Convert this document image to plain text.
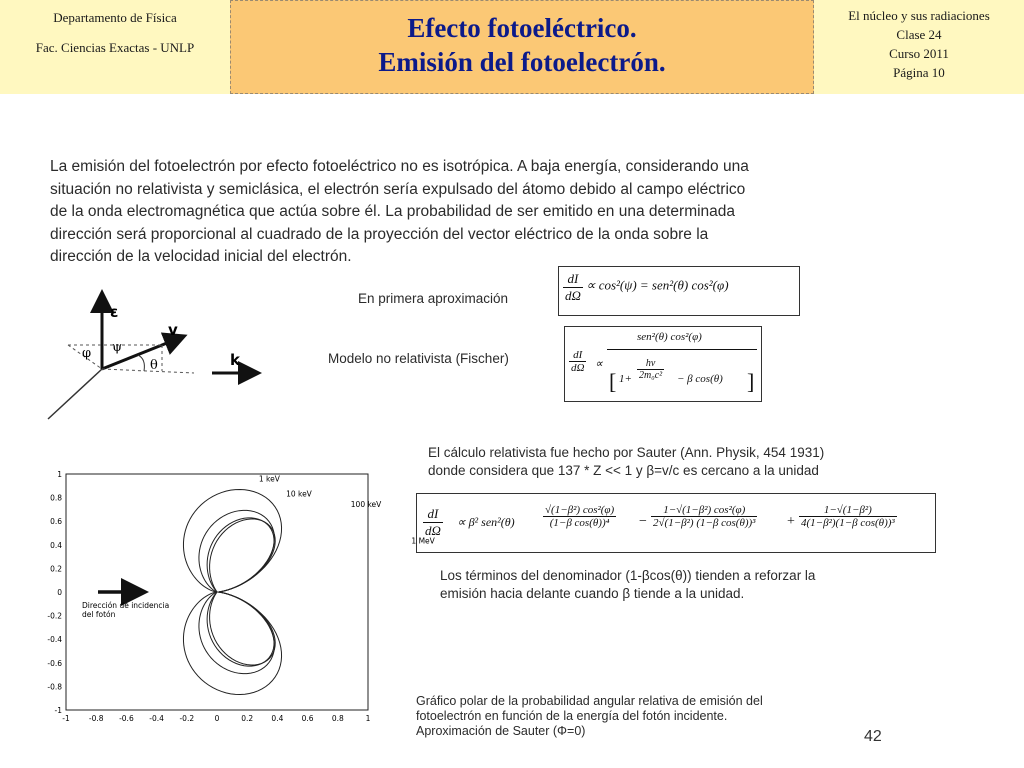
Departamento de Física
Fac. Ciencias Exactas - UNLP
Efecto fotoeléctrico.
Emisión del fotoelectrón.
El núcleo y sus radiaciones
Clase 24
Curso 2011
Página 10
La emisión del fotoelectrón por efecto fotoeléctrico no es isotrópica. A baja energía, considerando una
situación no relativista y semiclásica, el electrón sería expulsado del átomo debido al campo eléctrico
de la onda electromagnética que actúa sobre él. La probabilidad de ser emitido en una determinada
dirección será proporcional al cuadrado de la proyección del vector eléctrico de la onda sobre la
dirección de la velocidad inicial del electrón.
ε
v
k
φ ψ
θ
En primera aproximación
Modelo no relativista (Fischer)
$\frac{dI}{d\Omega} \propto \cos^2(\psi) = sen^2(\theta)$ cos²(φ)
$\frac{dI}{d\Omega}$ ∝
sen²(θ) cos²(φ)
[ $1+ \frac{h\nu}{\text{2m₀c²}} - \beta$ cos(θ) ]
El cálculo relativista fue hecho por Sauter (Ann. Physik, 454 1931)
donde considera que 137 * Z << 1 y β=v/c es cercano a la unidad
$\frac{dI}{d\Omega} \propto \beta^2$ sen²(θ)	$\frac{\text{√(1−β²) cos²(φ)}}{\text{(1−β cos(θ))⁴}} - \frac{\text{1−√(1−β²) cos²(φ)}}{\text{2√(1−β²) (1−β cos(θ))³}} + \frac{\text{1−√(1−β²)}}{\text{4(1−β²)(1−β cos(θ))³}}$
Los términos del denominador (1-βcos(θ)) tienden a reforzar la
emisión hacia delante cuando β tiende a la unidad.
1
0.8
0.6
0.4
0.2
0
-0.2
-0.4
-0.6
-0.8
-1
-1	-0.8 -0.6 -0.4 -0.2	0	0.2 0.4 0.6 0.8	1
1 keV
10 keV
100 keV
1 MeV
Dirección de incidencia
del fotón
Gráfico polar de la probabilidad angular relativa de emisión del
fotoelectrón en función de la energía del fotón incidente.
Aproximación de Sauter (Φ=0)	42
